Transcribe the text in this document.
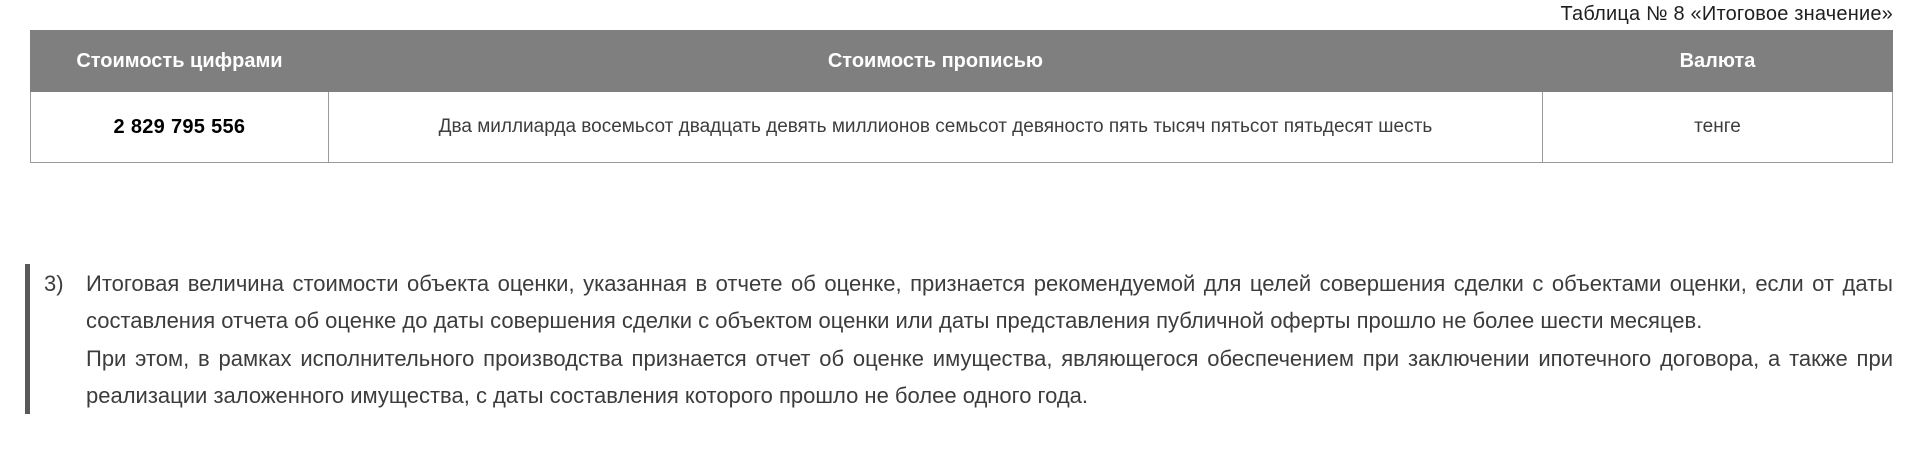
Таблица № 8 «Итоговое значение»
Стоимость цифрами	Стоимость прописью	Валюта
2 829 795 556	Два миллиарда восемьсот двадцать девять миллионов семьсот девяносто пять тысяч пятьсот пятьдесят шесть	тенге
3)	Итоговая величина стоимости объекта оценки, указанная в отчете об оценке, признается рекомендуемой для целей совершения сделки с объектами оценки, если от даты составления отчета об оценке до даты совершения сделки с объектом оценки или даты представления публичной оферты прошло не более шести месяцев.

При этом, в рамках исполнительного производства признается отчет об оценке имущества, являющегося обеспечением при заключении ипотечного договора, а также при реализации заложенного имущества, с даты составления которого прошло не более одного года.
